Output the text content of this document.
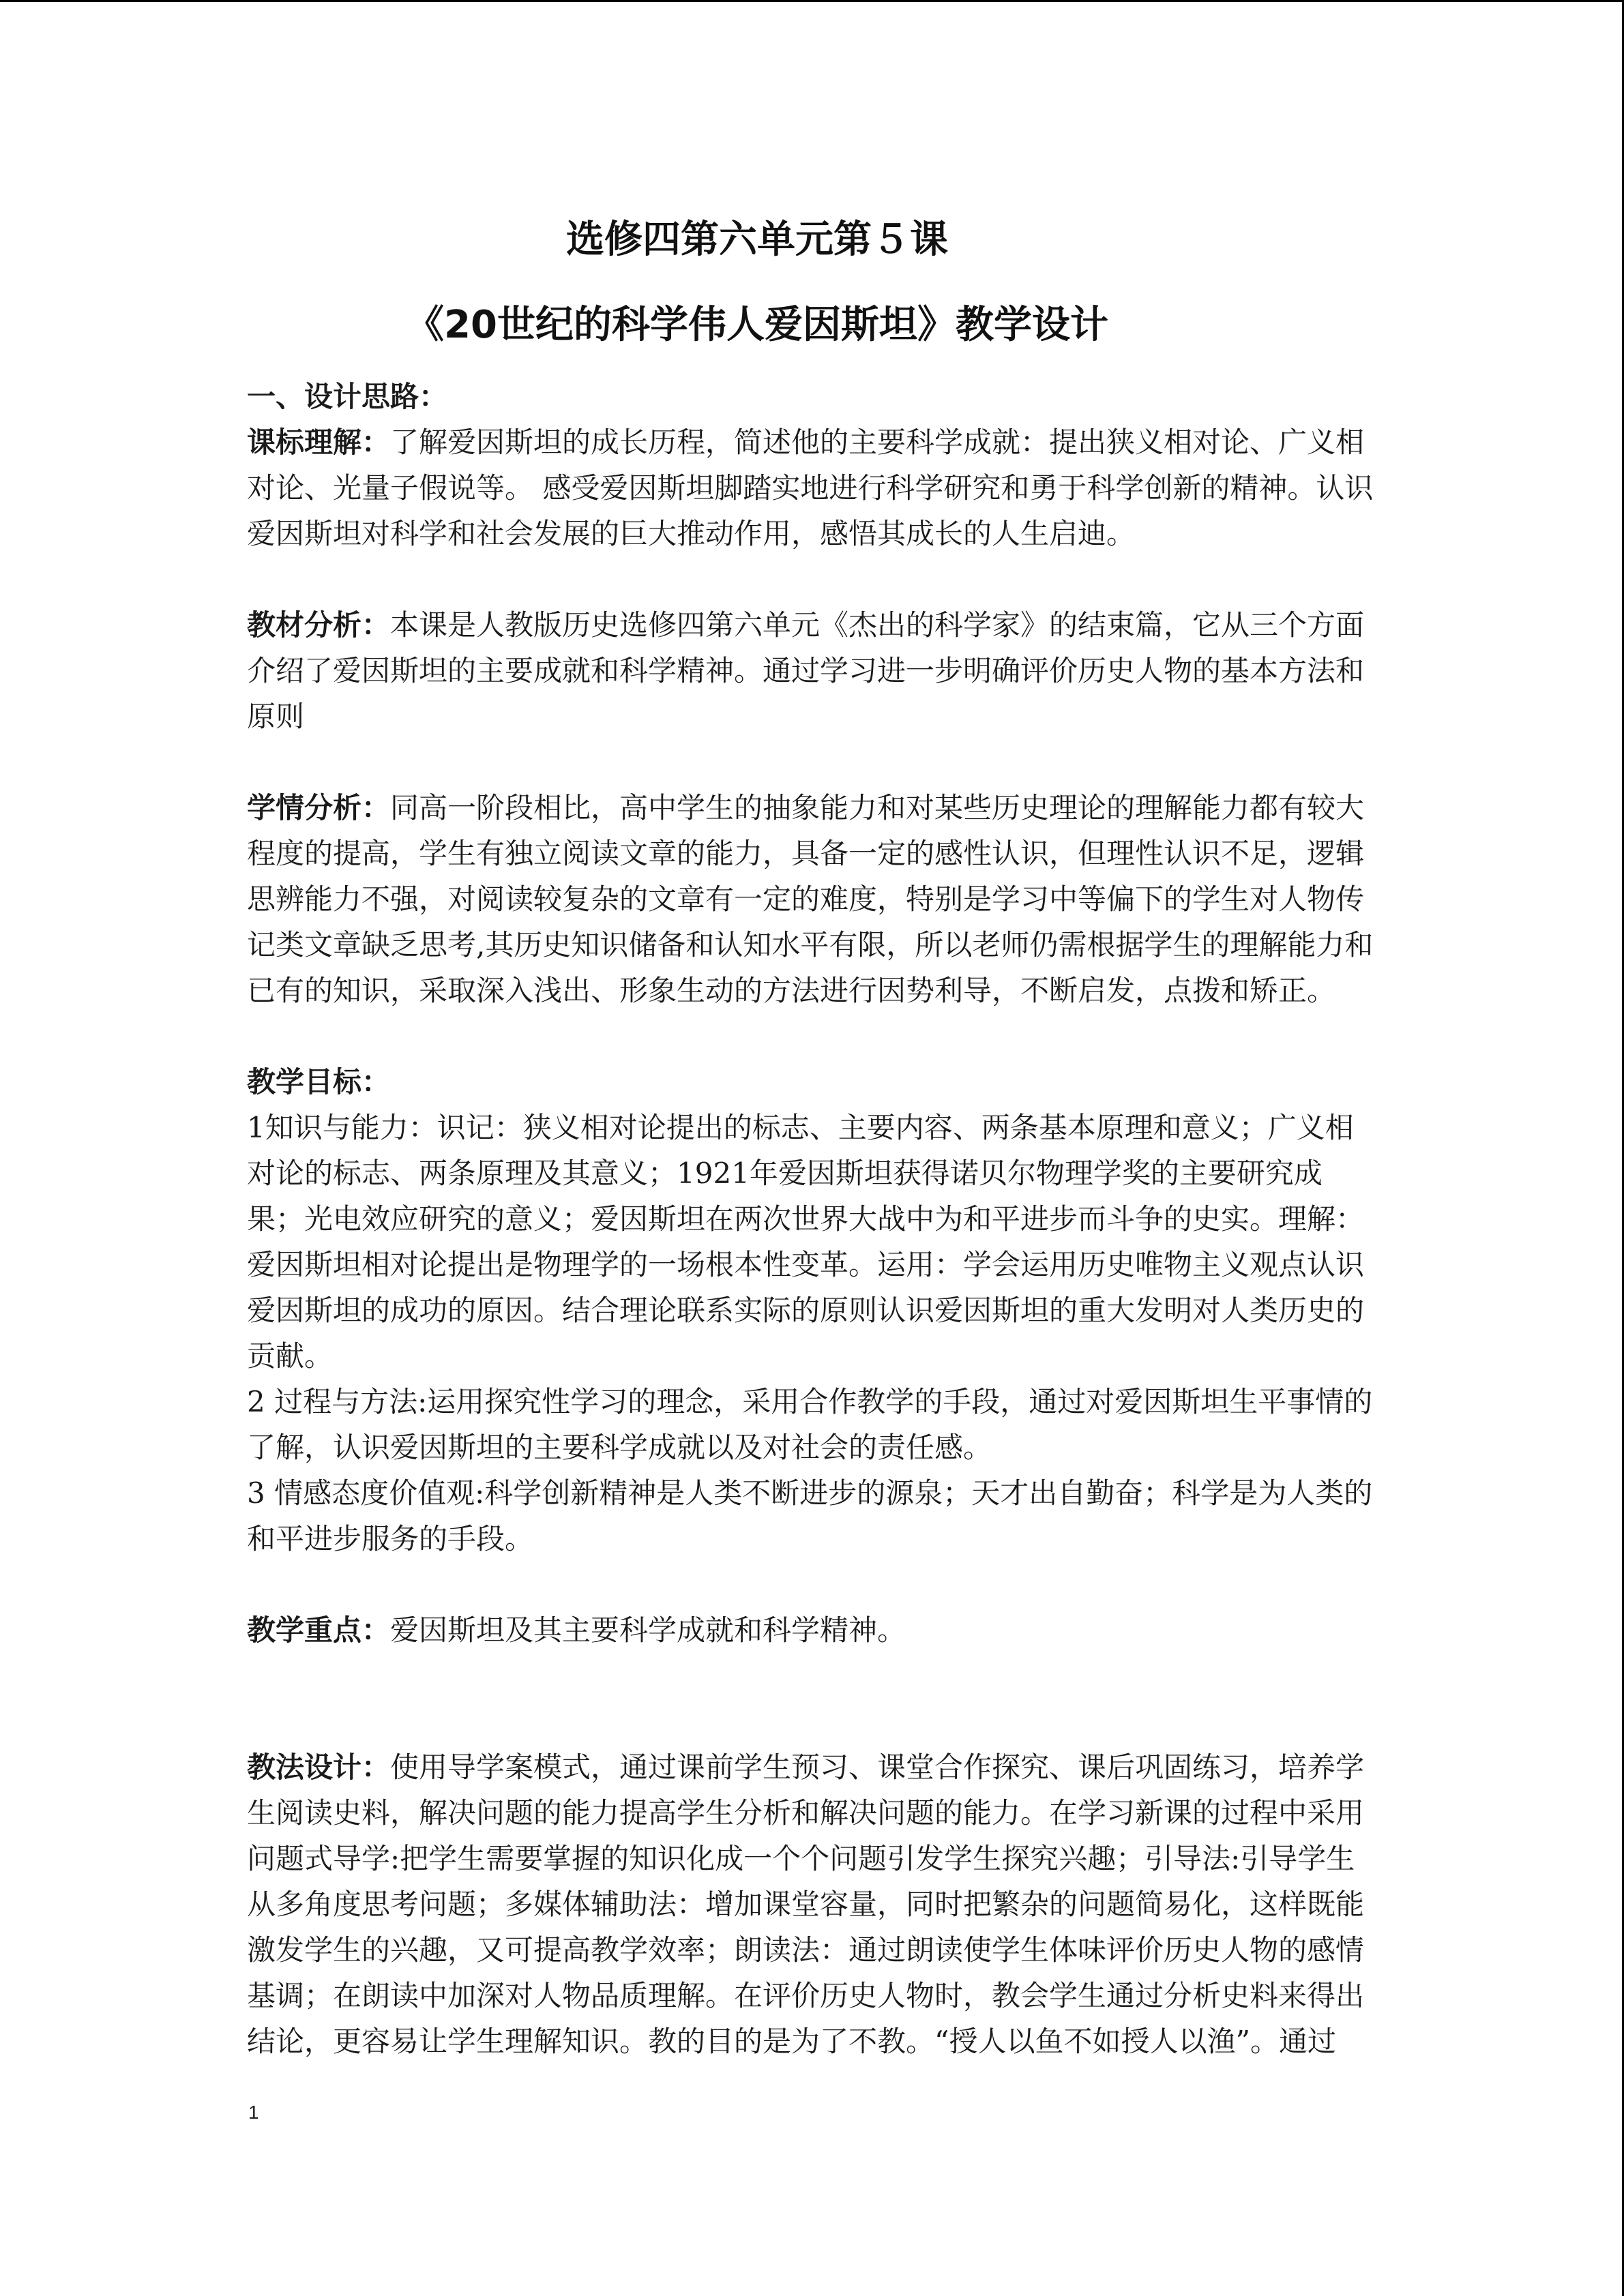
选修四第六单元第５课
《20世纪的科学伟人爱因斯坦》教学设计
一、设计思路：

课标理解：了解爱因斯坦的成长历程，简述他的主要科学成就：提出狭义相对论、广义相对论、光量子假说等。 感受爱因斯坦脚踏实地进行科学研究和勇于科学创新的精神。认识爱因斯坦对科学和社会发展的巨大推动作用，感悟其成长的人生启迪。

教材分析：本课是人教版历史选修四第六单元《杰出的科学家》的结束篇，它从三个方面介绍了爱因斯坦的主要成就和科学精神。通过学习进一步明确评价历史人物的基本方法和原则

学情分析：同高一阶段相比，高中学生的抽象能力和对某些历史理论的理解能力都有较大程度的提高，学生有独立阅读文章的能力，具备一定的感性认识，但理性认识不足，逻辑思辨能力不强，对阅读较复杂的文章有一定的难度，特别是学习中等偏下的学生对人物传记类文章缺乏思考,其历史知识储备和认知水平有限，所以老师仍需根据学生的理解能力和已有的知识，采取深入浅出、形象生动的方法进行因势利导，不断启发，点拨和矫正。

教学目标：

1知识与能力：识记：狭义相对论提出的标志、主要内容、两条基本原理和意义；广义相对论的标志、两条原理及其意义；1921年爱因斯坦获得诺贝尔物理学奖的主要研究成果；光电效应研究的意义；爱因斯坦在两次世界大战中为和平进步而斗争的史实。理解：爱因斯坦相对论提出是物理学的一场根本性变革。运用：学会运用历史唯物主义观点认识爱因斯坦的成功的原因。结合理论联系实际的原则认识爱因斯坦的重大发明对人类历史的贡献。

2 过程与方法:运用探究性学习的理念，采用合作教学的手段，通过对爱因斯坦生平事情的了解，认识爱因斯坦的主要科学成就以及对社会的责任感。

3 情感态度价值观:科学创新精神是人类不断进步的源泉；天才出自勤奋；科学是为人类的和平进步服务的手段。

教学重点：爱因斯坦及其主要科学成就和科学精神。

教法设计：使用导学案模式，通过课前学生预习、课堂合作探究、课后巩固练习，培养学生阅读史料，解决问题的能力提高学生分析和解决问题的能力。在学习新课的过程中采用问题式导学:把学生需要掌握的知识化成一个个问题引发学生探究兴趣；引导法:引导学生从多角度思考问题；多媒体辅助法：增加课堂容量，同时把繁杂的问题简易化，这样既能激发学生的兴趣，又可提高教学效率；朗读法：通过朗读使学生体味评价历史人物的感情基调；在朗读中加深对人物品质理解。在评价历史人物时，教会学生通过分析史料来得出结论，更容易让学生理解知识。教的目的是为了不教。“授人以鱼不如授人以渔”。通过

1
